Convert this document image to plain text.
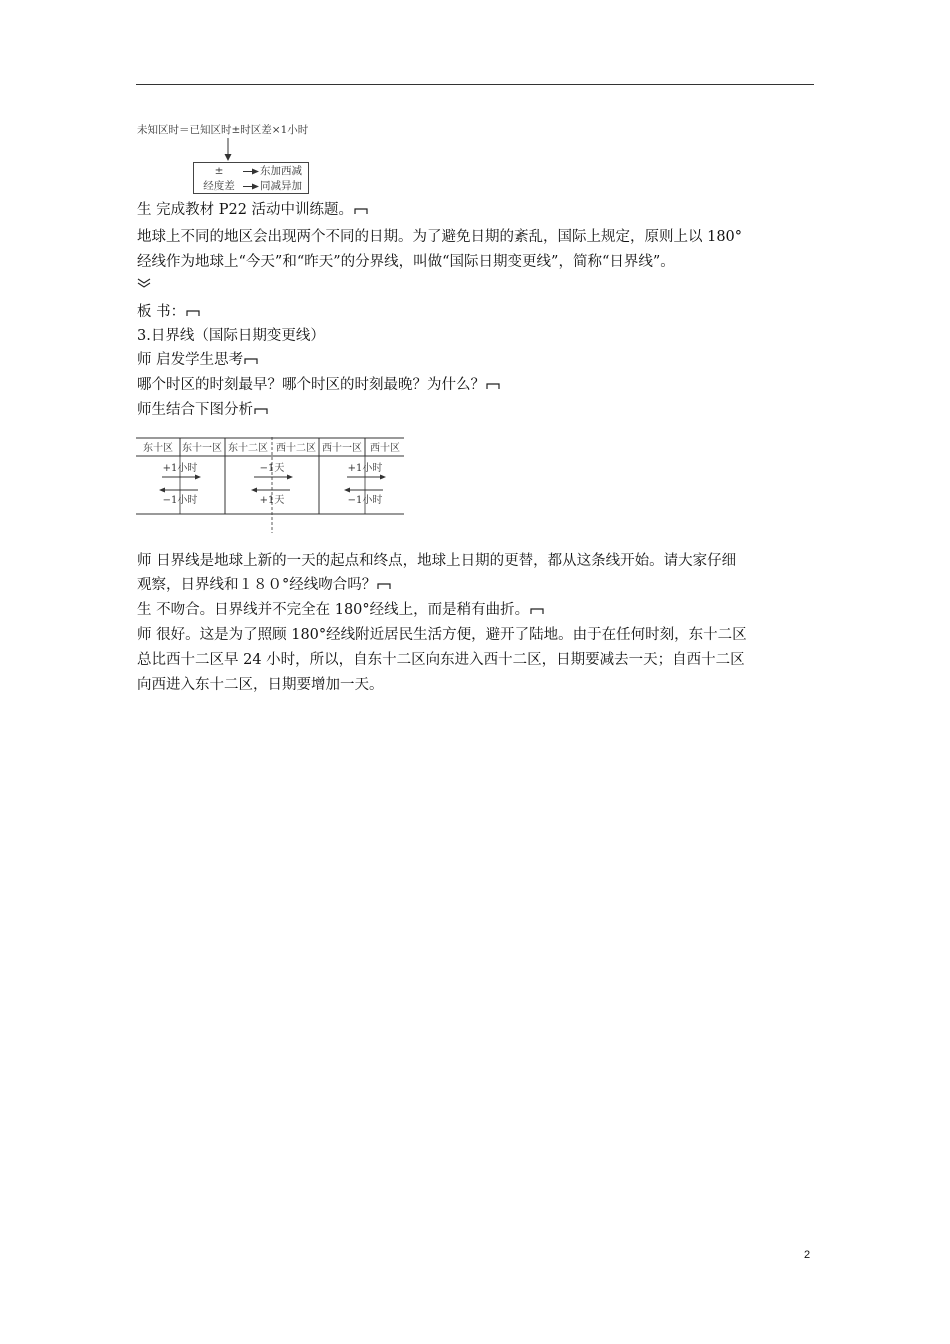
未知区时＝已知区时±时区差×1小时
±	东加西减
经度差	同减异加
生 完成教材 P22 活动中训练题。
地球上不同的地区会出现两个不同的日期。为了避免日期的紊乱，国际上规定，原则上以 180°
经线作为地球上“今天”和“昨天”的分界线，叫做“国际日期变更线”，简称“日界线”。
板 书：
3.日界线（国际日期变更线）
师 启发学生思考
哪个时区的时刻最早？哪个时区的时刻最晚？为什么？
师生结合下图分析
东十区 东十一区 东十二区 西十二区 西十一区 西十区
+1小时
−1小时
−1天
+1天
+1小时
−1小时
师 日界线是地球上新的一天的起点和终点，地球上日期的更替，都从这条线开始。请大家仔细
观察，日界线和１８０°经线吻合吗？
生 不吻合。日界线并不完全在 180°经线上，而是稍有曲折。
师 很好。这是为了照顾 180°经线附近居民生活方便，避开了陆地。由于在任何时刻，东十二区
总比西十二区早 24 小时，所以，自东十二区向东进入西十二区，日期要减去一天；自西十二区
向西进入东十二区，日期要增加一天。
2
